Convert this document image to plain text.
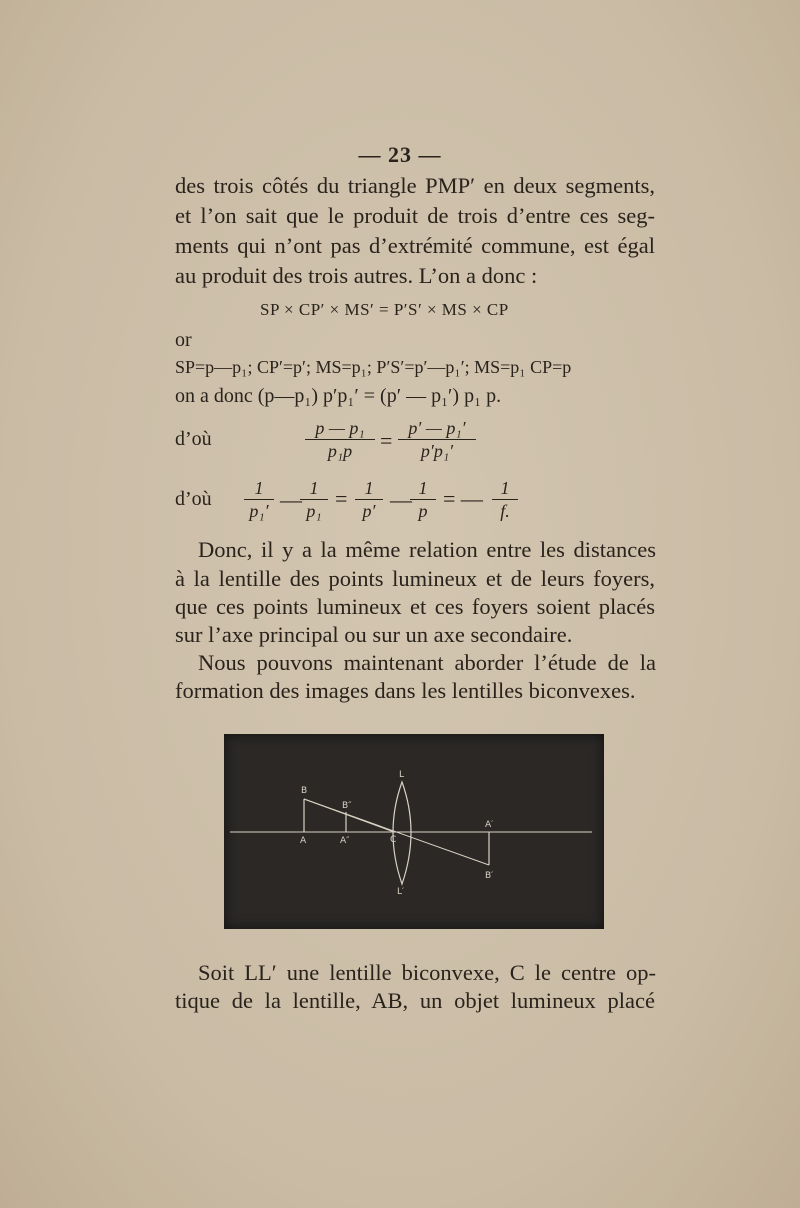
— 23 —
des trois côtés du triangle PMP′ en deux segments,
et l’on sait que le produit de trois d’entre ces seg-
ments qui n’ont pas d’extrémité commune, est égal
au produit des trois autres. L’on a donc :
SP × CP′ × MS′ = P′S′ × MS × CP
or
SP=p—p₁; CP′=p′; MS=p₁; P′S′=p′—p₁′; MS=p₁ CP=p
on a donc (p—p₁) p′p₁′ = (p′ — p₁′) p₁ p.
d’où	p — p₁
p₁p	= p′ — p₁′
p′p₁′
d’où	1
p₁′ — 1
p₁ = 1
p′ — 1
p = — 1
f.
Donc, il y a la même relation entre les distances
à la lentille des points lumineux et de leurs foyers,
que ces points lumineux et ces foyers soient placés
sur l’axe principal ou sur un axe secondaire.
Nous pouvons maintenant aborder l’étude de la
formation des images dans les lentilles biconvexes.
B
B″
A	A″	C
L
L′
A′
B′
Soit LL′ une lentille biconvexe, C le centre op-
tique de la lentille, AB, un objet lumineux placé
